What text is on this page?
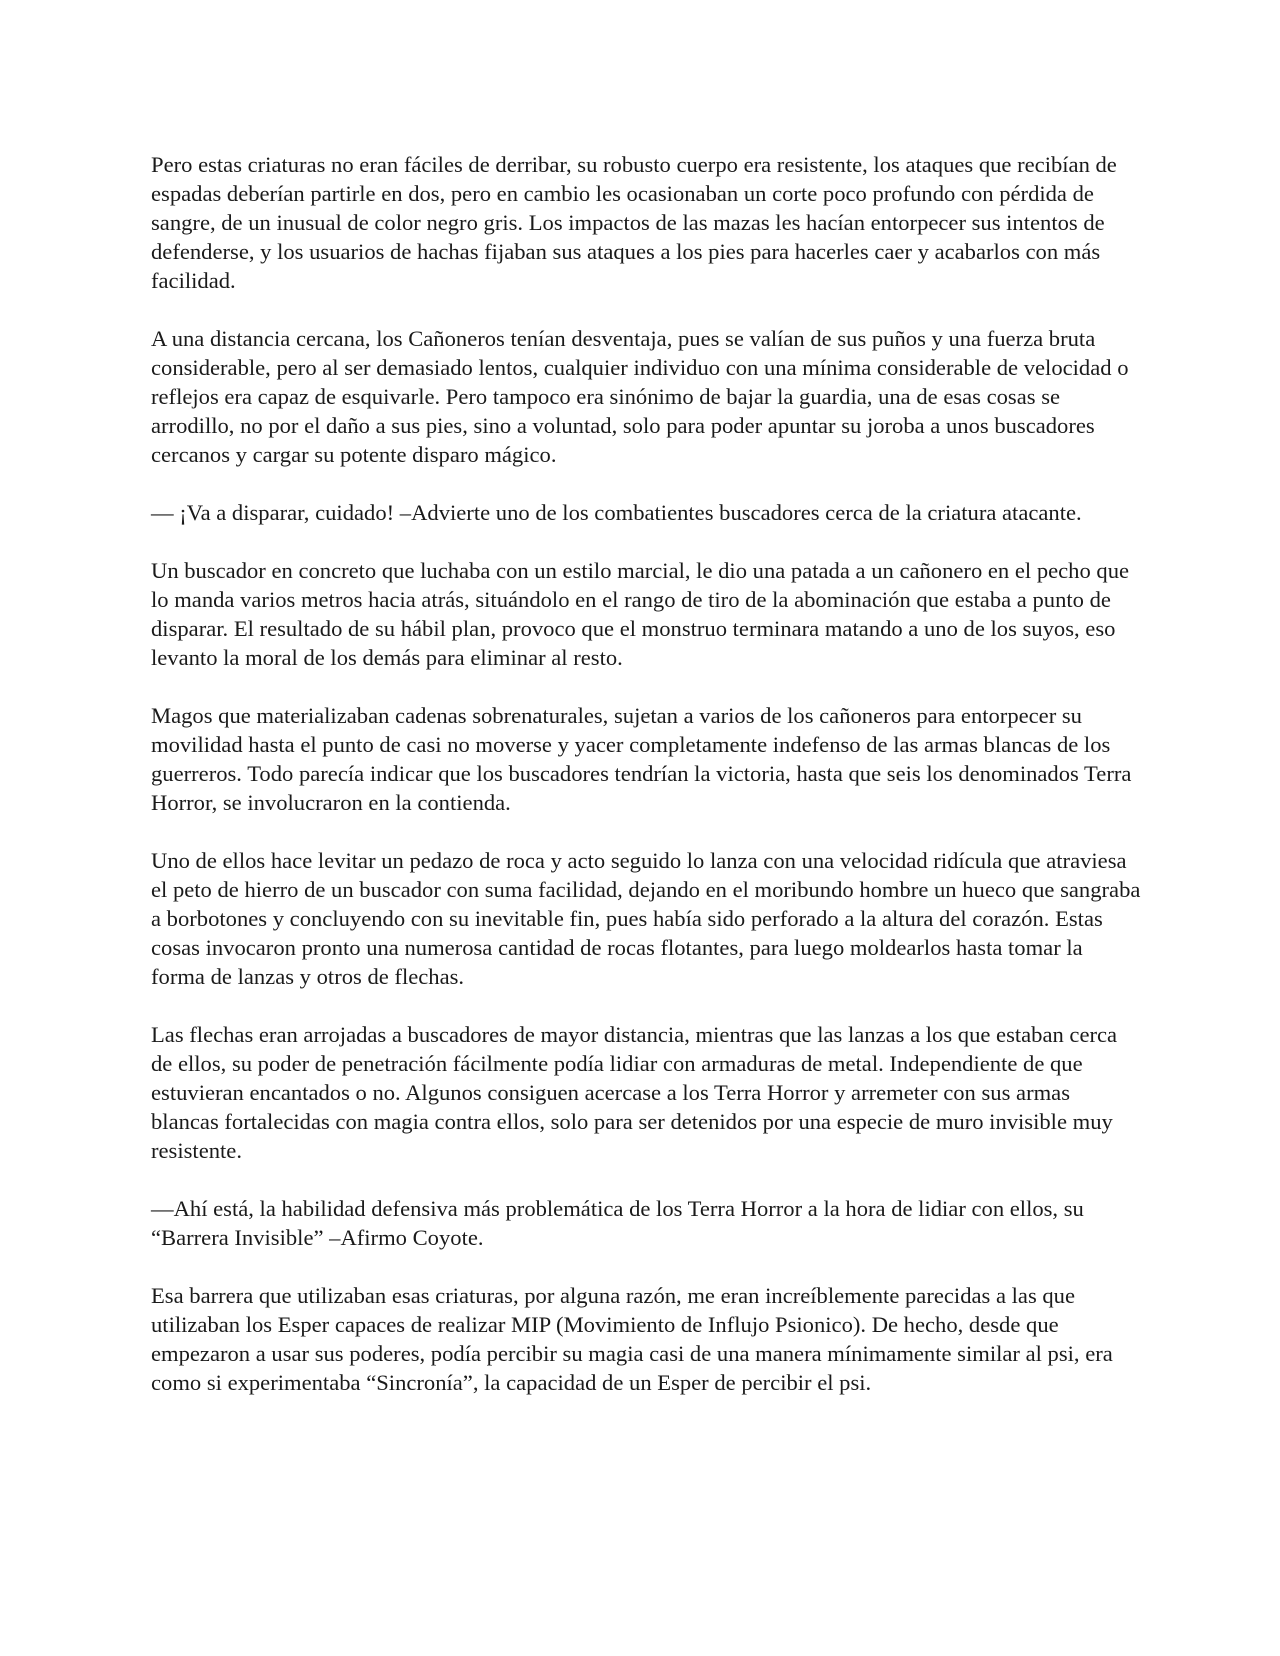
Pero estas criaturas no eran fáciles de derribar, su robusto cuerpo era resistente, los ataques que recibían de espadas deberían partirle en dos, pero en cambio les ocasionaban un corte poco profundo con pérdida de sangre, de un inusual de color negro gris. Los impactos de las mazas les hacían entorpecer sus intentos de defenderse, y los usuarios de hachas fijaban sus ataques a los pies para hacerles caer y acabarlos con más facilidad.

A una distancia cercana, los Cañoneros tenían desventaja, pues se valían de sus puños y una fuerza bruta considerable, pero al ser demasiado lentos, cualquier individuo con una mínima considerable de velocidad o reflejos era capaz de esquivarle. Pero tampoco era sinónimo de bajar la guardia, una de esas cosas se arrodillo, no por el daño a sus pies, sino a voluntad, solo para poder apuntar su joroba a unos buscadores cercanos y cargar su potente disparo mágico.

— ¡Va a disparar, cuidado! –Advierte uno de los combatientes buscadores cerca de la criatura atacante.

Un buscador en concreto que luchaba con un estilo marcial, le dio una patada a un cañonero en el pecho que lo manda varios metros hacia atrás, situándolo en el rango de tiro de la abominación que estaba a punto de disparar. El resultado de su hábil plan, provoco que el monstruo terminara matando a uno de los suyos, eso levanto la moral de los demás para eliminar al resto.

Magos que materializaban cadenas sobrenaturales, sujetan a varios de los cañoneros para entorpecer su movilidad hasta el punto de casi no moverse y yacer completamente indefenso de las armas blancas de los guerreros. Todo parecía indicar que los buscadores tendrían la victoria, hasta que seis los denominados Terra Horror, se involucraron en la contienda.

Uno de ellos hace levitar un pedazo de roca y acto seguido lo lanza con una velocidad ridícula que atraviesa el peto de hierro de un buscador con suma facilidad, dejando en el moribundo hombre un hueco que sangraba a borbotones y concluyendo con su inevitable fin, pues había sido perforado a la altura del corazón. Estas cosas invocaron pronto una numerosa cantidad de rocas flotantes, para luego moldearlos hasta tomar la forma de lanzas y otros de flechas.

Las flechas eran arrojadas a buscadores de mayor distancia, mientras que las lanzas a los que estaban cerca de ellos, su poder de penetración fácilmente podía lidiar con armaduras de metal. Independiente de que estuvieran encantados o no. Algunos consiguen acercase a los Terra Horror y arremeter con sus armas blancas fortalecidas con magia contra ellos, solo para ser detenidos por una especie de muro invisible muy resistente.

—Ahí está, la habilidad defensiva más problemática de los Terra Horror a la hora de lidiar con ellos, su “Barrera Invisible” –Afirmo Coyote.

Esa barrera que utilizaban esas criaturas, por alguna razón, me eran increíblemente parecidas a las que utilizaban los Esper capaces de realizar MIP (Movimiento de Influjo Psionico). De hecho, desde que empezaron a usar sus poderes, podía percibir su magia casi de una manera mínimamente similar al psi, era como si experimentaba “Sincronía”, la capacidad de un Esper de percibir el psi.
